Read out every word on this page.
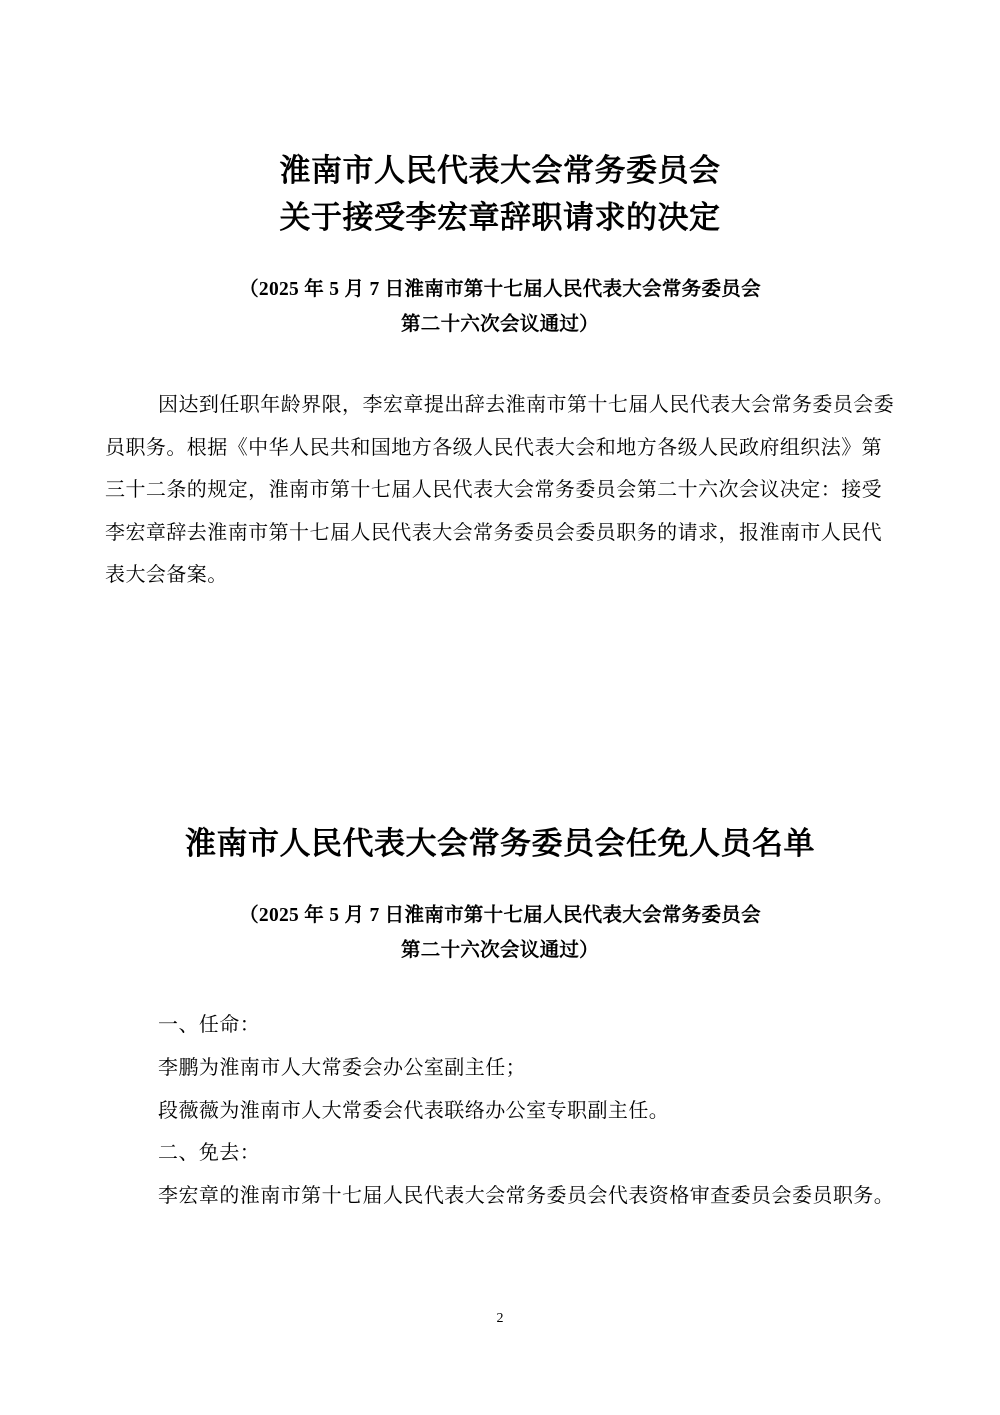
淮南市人民代表大会常务委员会
关于接受李宏章辞职请求的决定
（2025 年 5 月 7 日淮南市第十七届人民代表大会常务委员会
第二十六次会议通过）
因达到任职年龄界限，李宏章提出辞去淮南市第十七届人民代表大会常务委员会委
员职务。根据《中华人民共和国地方各级人民代表大会和地方各级人民政府组织法》第
三十二条的规定，淮南市第十七届人民代表大会常务委员会第二十六次会议决定：接受
李宏章辞去淮南市第十七届人民代表大会常务委员会委员职务的请求，报淮南市人民代
表大会备案。
淮南市人民代表大会常务委员会任免人员名单
（2025 年 5 月 7 日淮南市第十七届人民代表大会常务委员会
第二十六次会议通过）
一、任命：
李鹏为淮南市人大常委会办公室副主任；
段薇薇为淮南市人大常委会代表联络办公室专职副主任。
二、免去：
李宏章的淮南市第十七届人民代表大会常务委员会代表资格审查委员会委员职务。
2
